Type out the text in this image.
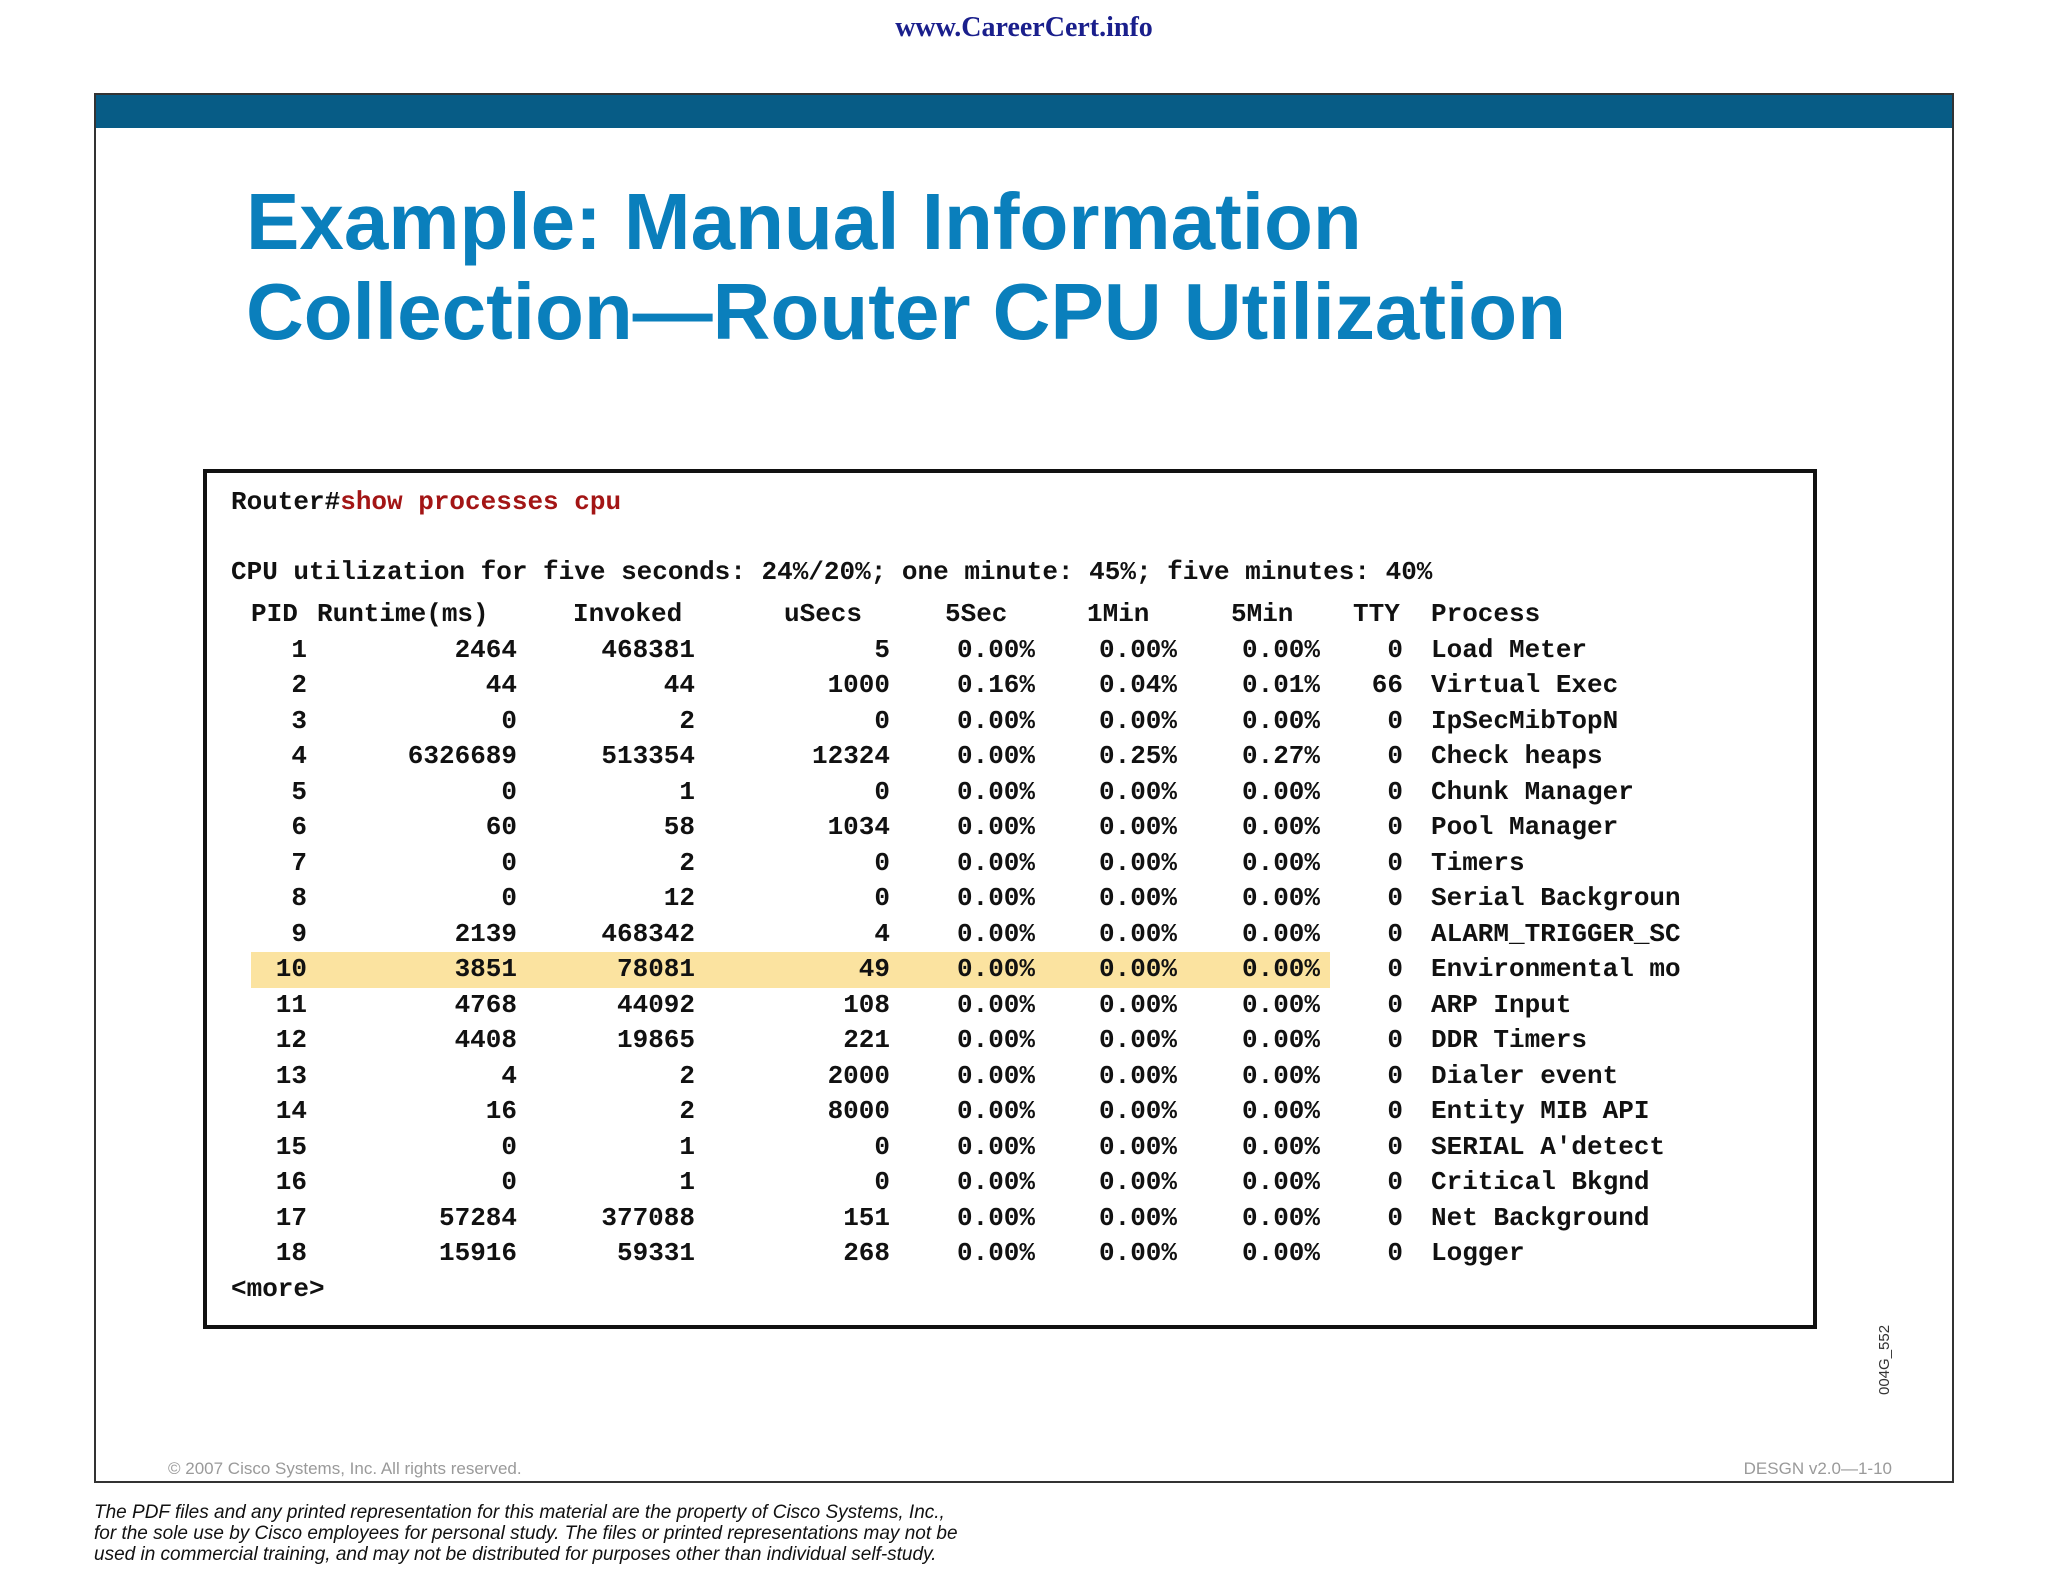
www.CareerCert.info
Example: Manual Information
Collection—Router CPU Utilization
Router#show processes cpu
CPU utilization for five seconds: 24%/20%; one minute: 45%; five minutes: 40%
PID Runtime(ms)	Invoked	uSecs	5Sec	1Min	5Min TTY Process
1	2464	468381	5	0.00% 0.00% 0.00%	0 Load Meter
2	44	44	1000	0.16% 0.04% 0.01% 66 Virtual Exec
3	0	2	0	0.00% 0.00% 0.00%	0 IpSecMibTopN
4	6326689	513354	12324	0.00% 0.25% 0.27%	0 Check heaps
5	0	1	0	0.00% 0.00% 0.00%	0 Chunk Manager
6	60	58	1034	0.00% 0.00% 0.00%	0 Pool Manager
7	0	2	0	0.00% 0.00% 0.00%	0 Timers
8	0	12	0	0.00% 0.00% 0.00%	0 Serial Backgroun
9	2139	468342	4	0.00% 0.00% 0.00%	0 ALARM_TRIGGER_SC
10	3851	78081	49	0.00% 0.00% 0.00%	0 Environmental mo
11	4768	44092	108	0.00% 0.00% 0.00%	0 ARP Input
12	4408	19865	221	0.00% 0.00% 0.00%	0 DDR Timers
13	4	2	2000	0.00% 0.00% 0.00%	0 Dialer event
14	16	2	8000	0.00% 0.00% 0.00%	0 Entity MIB API
15	0	1	0	0.00% 0.00% 0.00%	0 SERIAL A'detect
16	0	1	0	0.00% 0.00% 0.00%	0 Critical Bkgnd
17	57284	377088	151	0.00% 0.00% 0.00%	0 Net Background
18	15916	59331	268	0.00% 0.00% 0.00%	0 Logger
<more>
004G_552
© 2007 Cisco Systems, Inc. All rights reserved.	DESGN v2.0—1-10
The PDF files and any printed representation for this material are the property of Cisco Systems, Inc.,
for the sole use by Cisco employees for personal study. The files or printed representations may not be
used in commercial training, and may not be distributed for purposes other than individual self-study.
